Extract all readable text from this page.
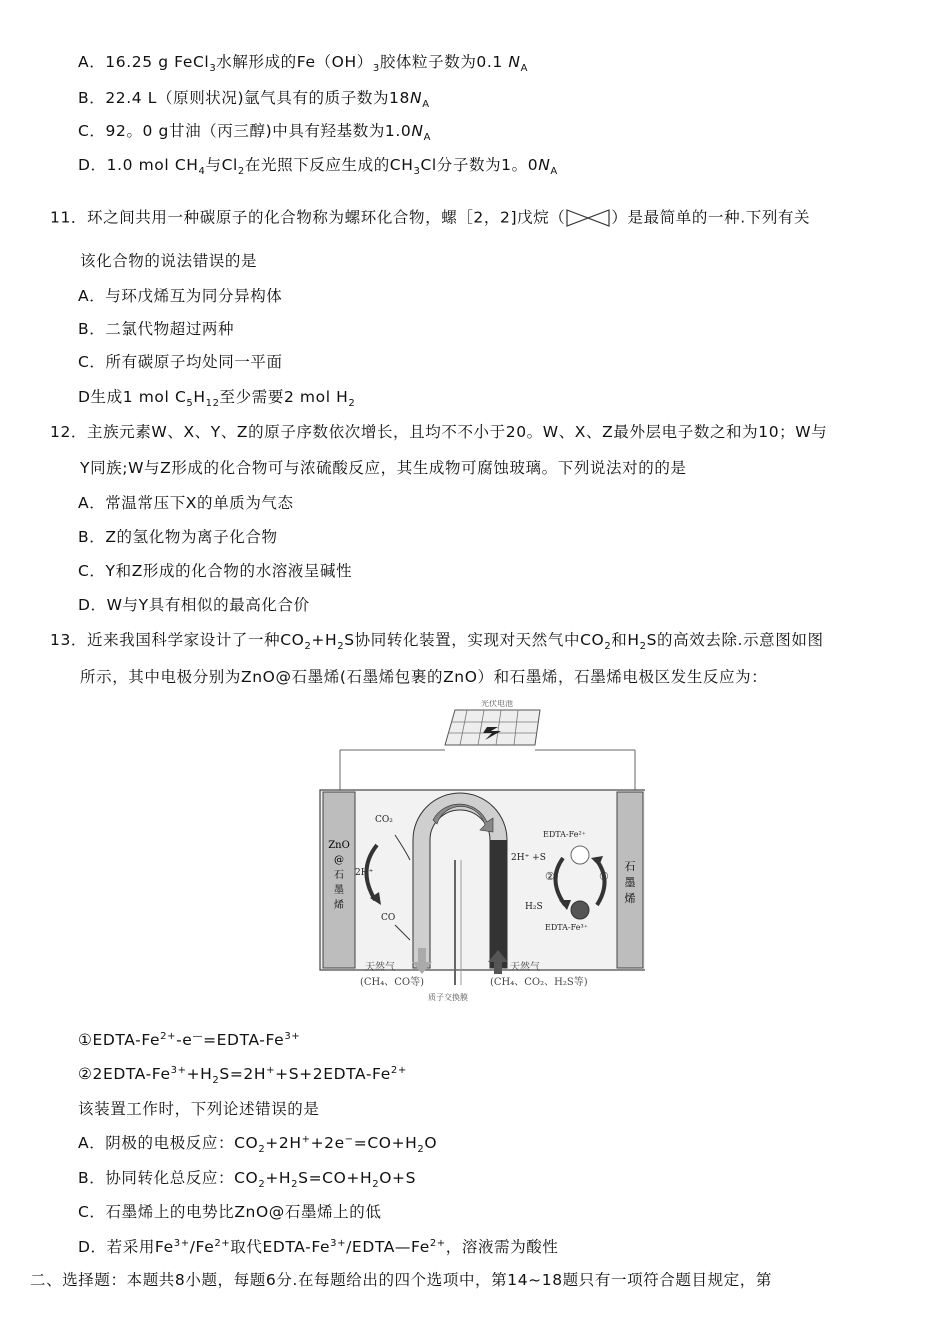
A．16.25 g FeCl$_3$水解形成的$Fe(OH)_3$胶体粒子数为0.1 $N_A$
B．22.4 L（原则状况)氩气具有的质子数为$18N_A$
C．92。0 g甘油（丙三醇)中具有羟基数为$1.0N_A$
D．1.0 mol $CH_4$与$Cl_2$在光照下反应生成的$CH_3Cl$分子数为1。$0N_A$
11．环之间共用一种碳原子的化合物称为螺环化合物，螺［2，2]戊烷（	）是最简单的一种.下列有关
该化合物的说法错误的是
A．与环戊烯互为同分异构体
B．二氯代物超过两种
C．所有碳原子均处同一平面
D生成1 mol $C_5H_{12}$至少需要2 mol $H_2$
12．主族元素W、X、Y、Z的原子序数依次增长，且均不不小于20。W、X、Z最外层电子数之和为10；W与
Y同族;W与Z形成的化合物可与浓硫酸反应，其生成物可腐蚀玻璃。下列说法对的的是
A．常温常压下X的单质为气态
B．Z的氢化物为离子化合物
C．Y和Z形成的化合物的水溶液呈碱性
D．W与Y具有相似的最高化合价
13．近来我国科学家设计了一种$CO_2+H_2S$协同转化装置，实现对天然气中$CO_2$和$H_2S$的高效去除.示意图如图
所示，其中电极分别为ZnO@石墨烯(石墨烯包裹的ZnO）和石墨烯，石墨烯电极区发生反应为：
①EDTA-$Fe^{2+}-e^—=EDTA-Fe^{3+}$
$②2EDTA-Fe^{3+}+H_2S=2H^++S+2EDTA-Fe^{2+}$
该装置工作时，下列论述错误的是
A．阴极的电极反应：$CO_2+2H^++2e^-=CO+H_2O$
B．协同转化总反应：$CO_2+H_2S=CO+H_2O+S$
C．石墨烯上的电势比ZnO@石墨烯上的低
D．若采用$Fe^{3+}/Fe^{2+}$取代EDTA-$Fe^{3+}/EDTA—Fe^{2+}$，溶液需为酸性
二、选择题：本题共8小题，每题6分.在每题给出的四个选项中，第14~18题只有一项符合题目规定，第
光伏电池
ZnO
@
石
墨
烯
石
墨
烯
CO₂
2H⁺
CO
EDTA-Fe²⁺
2H⁺ +S
EDTA-Fe³⁺
H₂S
②	①
天然气
(CH₄、CO等)
天然气
(CH₄、CO₂、H₂S等)
质子交换膜
